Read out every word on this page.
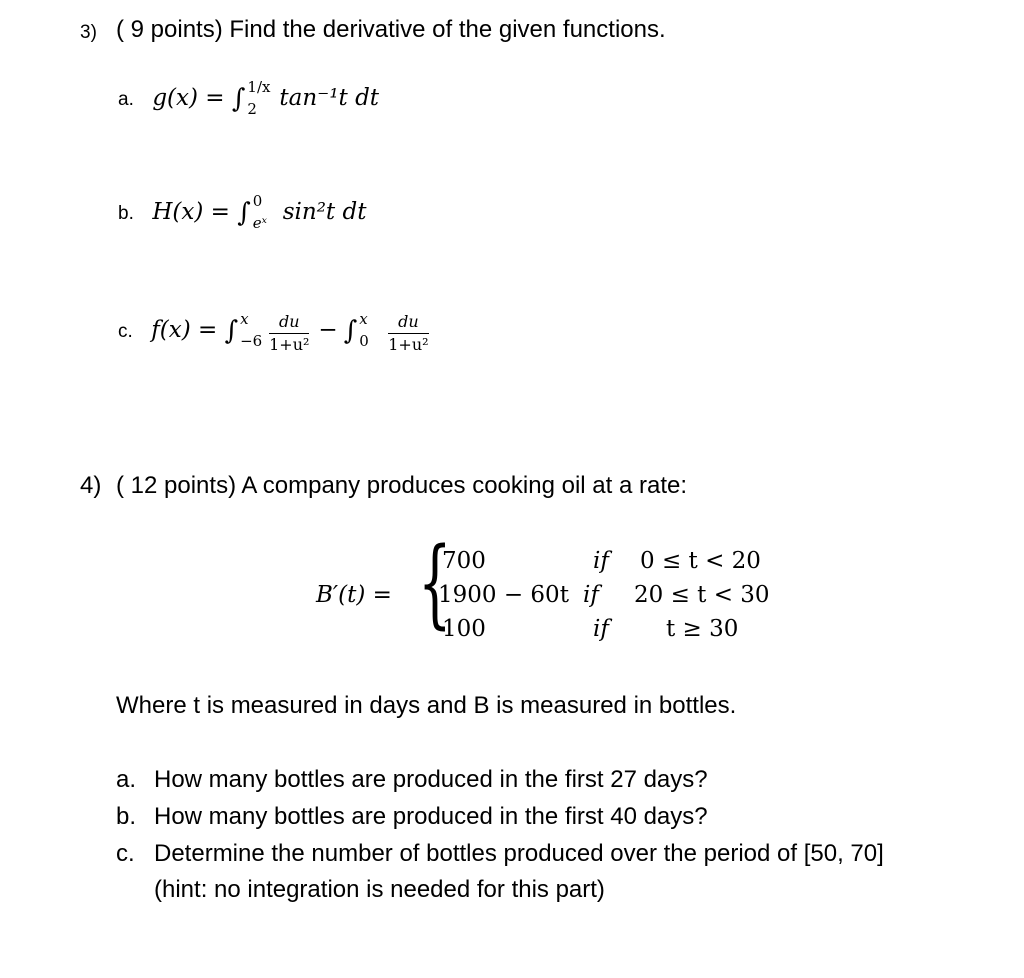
3) ( 9 points) Find the derivative of the given functions.
a. g(x) = ∫ 1/x
2 tan⁻¹t dt
b. H(x) = ∫ 0
eˣ sin²t dt
c. f(x) = ∫ x
$-6 \frac{du}{\text{1+u²}}$ − ∫ x
$0 \frac{du}{\text{1+u²}}$
4) ( 12 points) A company produces cooking oil at a rate:
B′(t) = {
700	if 0 ≤ t < 20
1900 − 60t if 20 ≤ t < 30
100	if t ≥ 30
Where t is measured in days and B is measured in bottles.
a. How many bottles are produced in the first 27 days?
b. How many bottles are produced in the first 40 days?
c. Determine the number of bottles produced over the period of [50, 70]
(hint: no integration is needed for this part)
